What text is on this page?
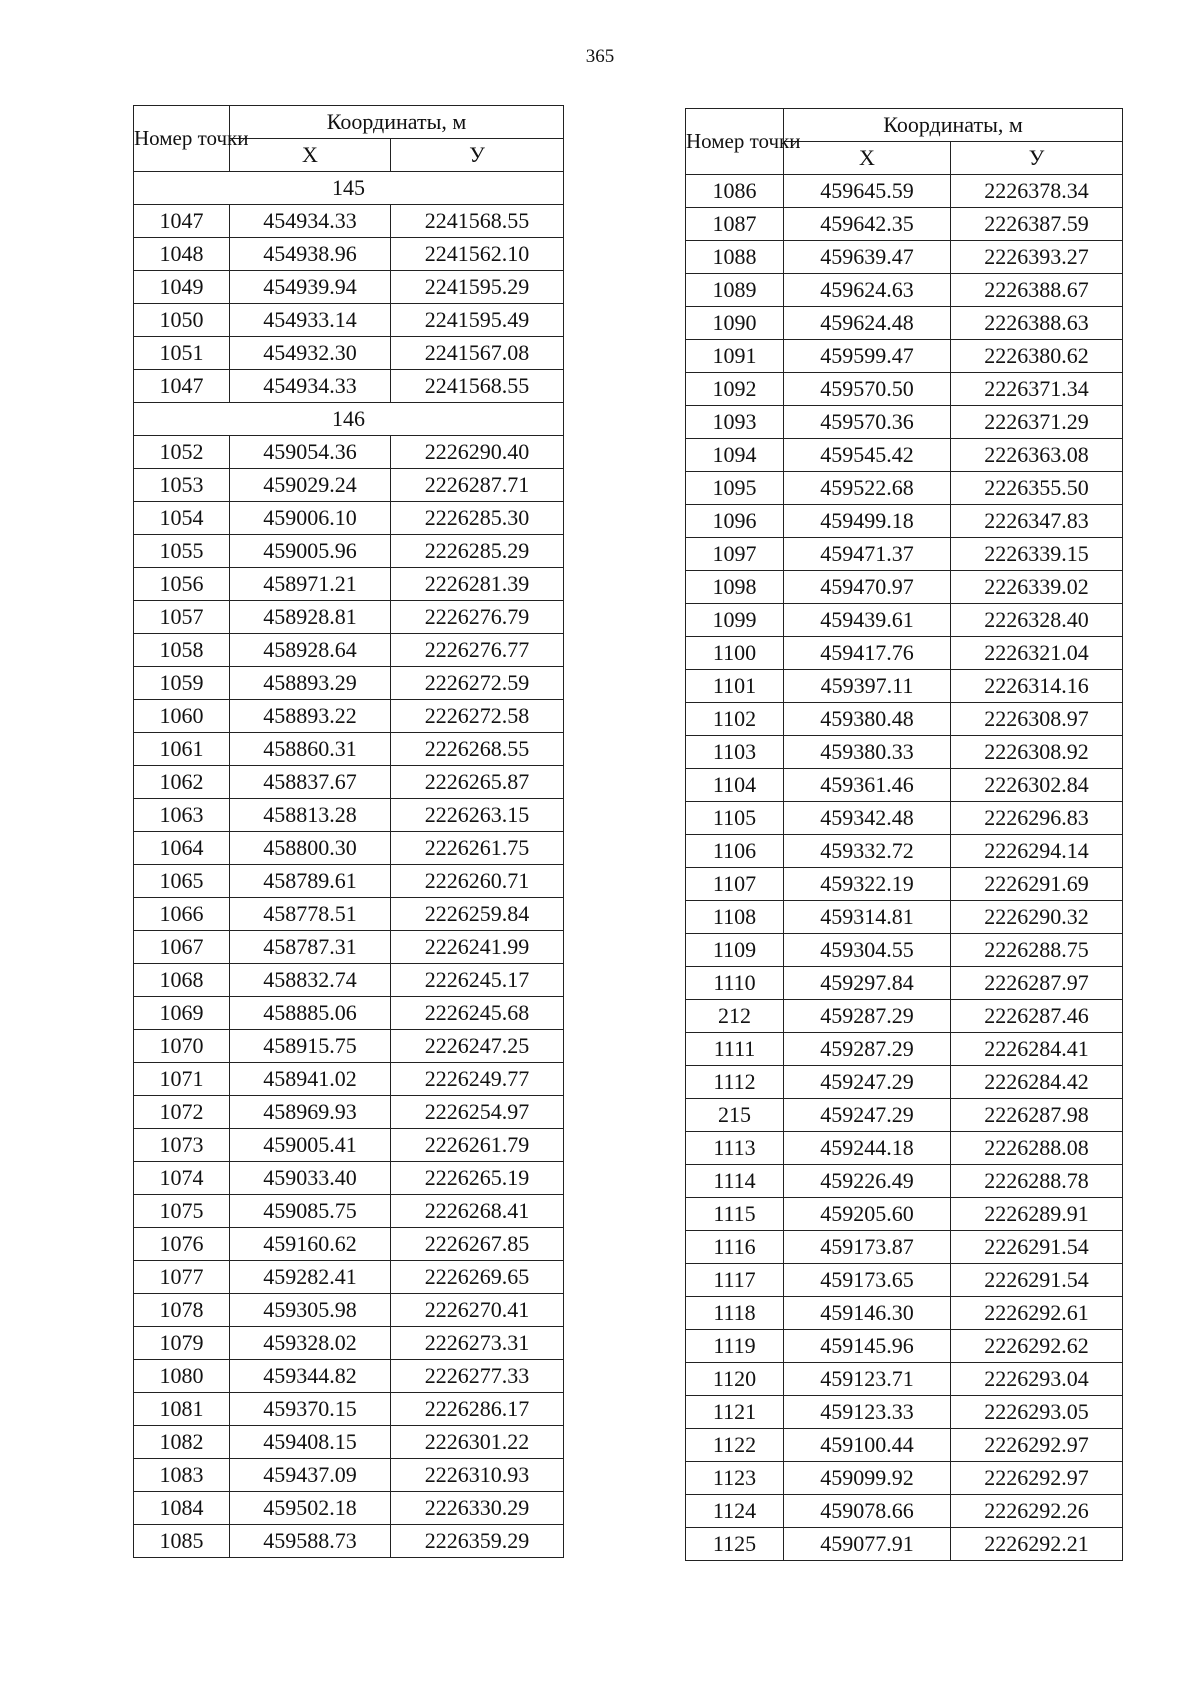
365
Номер точки	Координаты, м	
	Х	У
145		
1047	454934.33	2241568.55
1048	454938.96	2241562.10
1049	454939.94	2241595.29
1050	454933.14	2241595.49
1051	454932.30	2241567.08
1047	454934.33	2241568.55
146		
1052	459054.36	2226290.40
1053	459029.24	2226287.71
1054	459006.10	2226285.30
1055	459005.96	2226285.29
1056	458971.21	2226281.39
1057	458928.81	2226276.79
1058	458928.64	2226276.77
1059	458893.29	2226272.59
1060	458893.22	2226272.58
1061	458860.31	2226268.55
1062	458837.67	2226265.87
1063	458813.28	2226263.15
1064	458800.30	2226261.75
1065	458789.61	2226260.71
1066	458778.51	2226259.84
1067	458787.31	2226241.99
1068	458832.74	2226245.17
1069	458885.06	2226245.68
1070	458915.75	2226247.25
1071	458941.02	2226249.77
1072	458969.93	2226254.97
1073	459005.41	2226261.79
1074	459033.40	2226265.19
1075	459085.75	2226268.41
1076	459160.62	2226267.85
1077	459282.41	2226269.65
1078	459305.98	2226270.41
1079	459328.02	2226273.31
1080	459344.82	2226277.33
1081	459370.15	2226286.17
1082	459408.15	2226301.22
1083	459437.09	2226310.93
1084	459502.18	2226330.29
1085	459588.73	2226359.29
Номер точки	Координаты, м	
	Х	У
1086	459645.59	2226378.34
1087	459642.35	2226387.59
1088	459639.47	2226393.27
1089	459624.63	2226388.67
1090	459624.48	2226388.63
1091	459599.47	2226380.62
1092	459570.50	2226371.34
1093	459570.36	2226371.29
1094	459545.42	2226363.08
1095	459522.68	2226355.50
1096	459499.18	2226347.83
1097	459471.37	2226339.15
1098	459470.97	2226339.02
1099	459439.61	2226328.40
1100	459417.76	2226321.04
1101	459397.11	2226314.16
1102	459380.48	2226308.97
1103	459380.33	2226308.92
1104	459361.46	2226302.84
1105	459342.48	2226296.83
1106	459332.72	2226294.14
1107	459322.19	2226291.69
1108	459314.81	2226290.32
1109	459304.55	2226288.75
1110	459297.84	2226287.97
212	459287.29	2226287.46
1111	459287.29	2226284.41
1112	459247.29	2226284.42
215	459247.29	2226287.98
1113	459244.18	2226288.08
1114	459226.49	2226288.78
1115	459205.60	2226289.91
1116	459173.87	2226291.54
1117	459173.65	2226291.54
1118	459146.30	2226292.61
1119	459145.96	2226292.62
1120	459123.71	2226293.04
1121	459123.33	2226293.05
1122	459100.44	2226292.97
1123	459099.92	2226292.97
1124	459078.66	2226292.26
1125	459077.91	2226292.21
